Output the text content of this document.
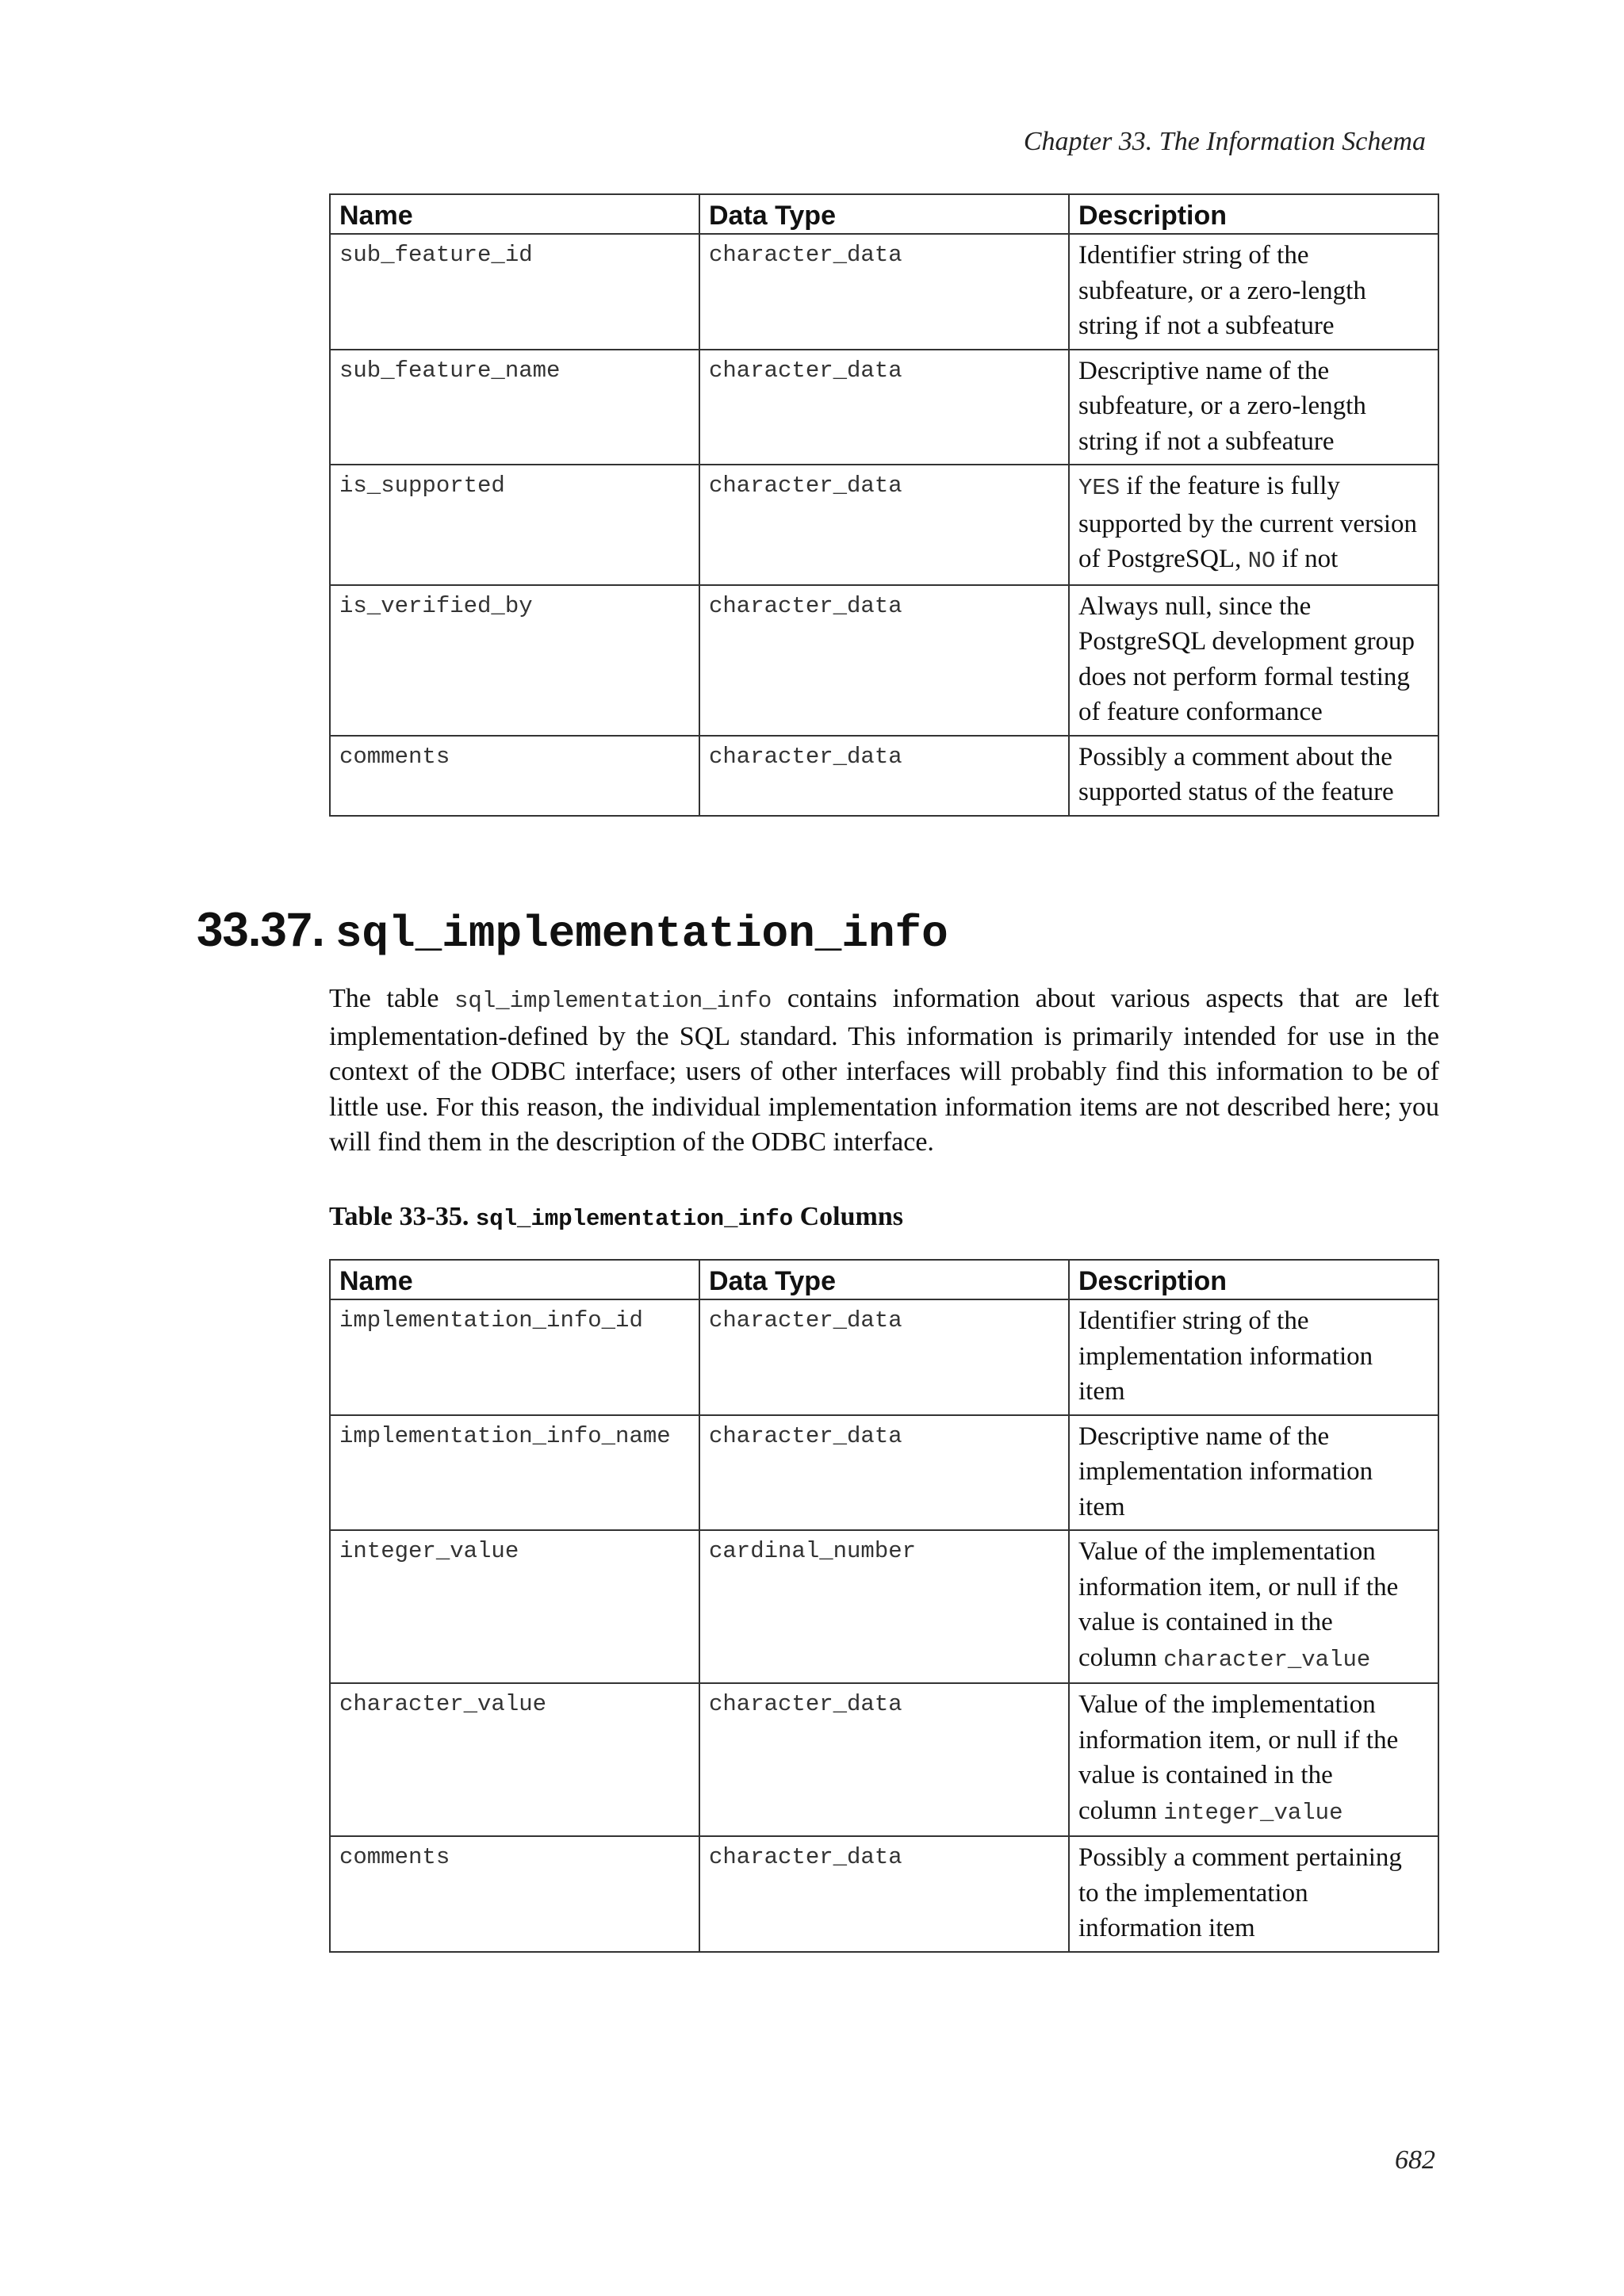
Chapter 33. The Information Schema
Name	Data Type	Description
sub_feature_id	character_data	Identifier string of the
subfeature, or a zero-length
string if not a subfeature

sub_feature_name	character_data	Descriptive name of the
subfeature, or a zero-length
string if not a subfeature

is_supported	character_data	YES if the feature is fully
supported by the current version
of PostgreSQL, NO if not

is_verified_by	character_data	Always null, since the
PostgreSQL development group
does not perform formal testing
of feature conformance

comments	character_data	Possibly a comment about the
supported status of the feature
33.37. sql_implementation_info
The table sql_implementation_info contains information about various aspects that are left implementation-defined by the SQL standard. This information is primarily intended for use in the context of the ODBC interface; users of other interfaces will probably find this information to be of little use. For this reason, the individual implementation information items are not described here; you will find them in the description of the ODBC interface.
Table 33-35. sql_implementation_info Columns
Name	Data Type	Description
implementation_info_id	character_data	Identifier string of the
implementation information
item

implementation_info_name	character_data	Descriptive name of the
implementation information
item

integer_value	cardinal_number	Value of the implementation
information item, or null if the
value is contained in the
column character_value

character_value	character_data	Value of the implementation
information item, or null if the
value is contained in the
column integer_value

comments	character_data	Possibly a comment pertaining
to the implementation
information item
682
